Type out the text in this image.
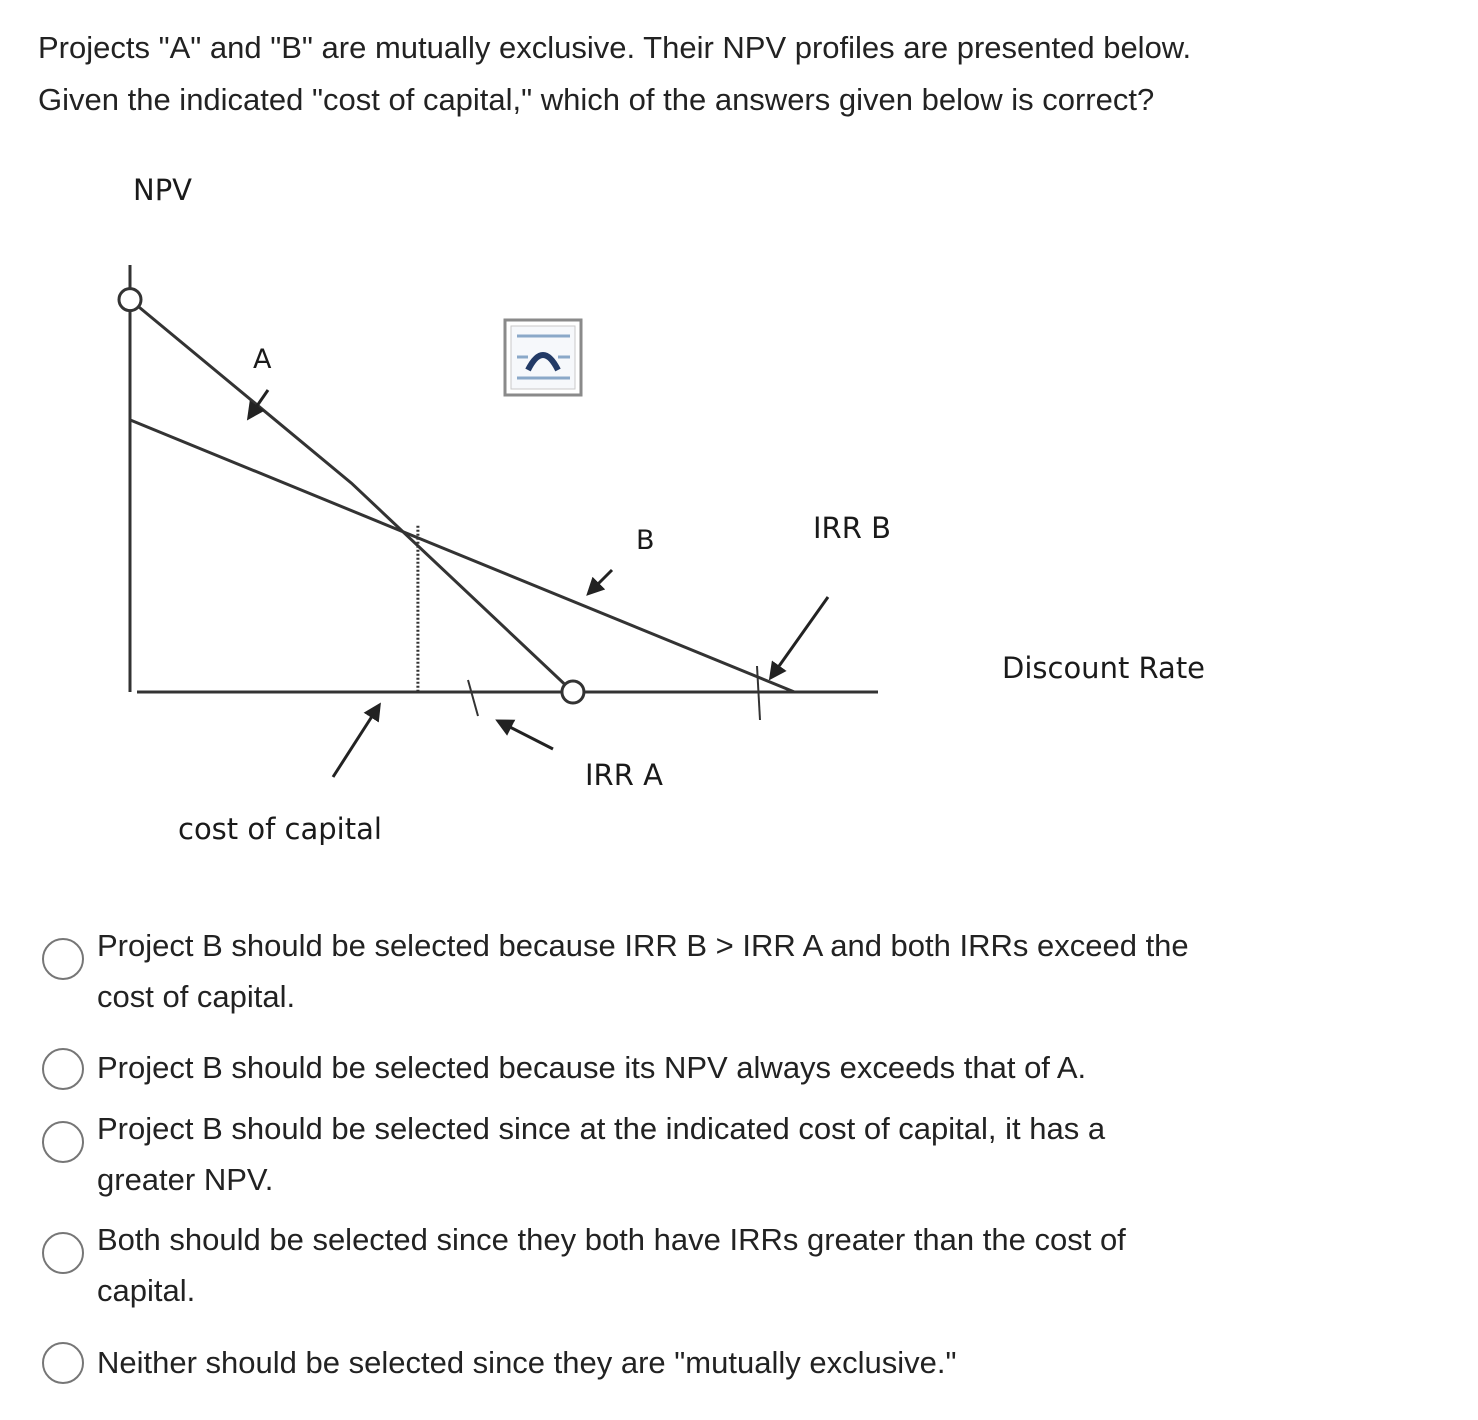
Projects "A" and "B" are mutually exclusive. Their NPV profiles are presented below.
Given the indicated "cost of capital," which of the answers given below is correct?
NPV
Discount Rate
A
B	IRR B
IRR A
cost of capital
Project B should be selected because IRR B > IRR A and both IRRs exceed the
cost of capital.
Project B should be selected because its NPV always exceeds that of A.
Project B should be selected since at the indicated cost of capital, it has a
greater NPV.
Both should be selected since they both have IRRs greater than the cost of
capital.
Neither should be selected since they are "mutually exclusive."
